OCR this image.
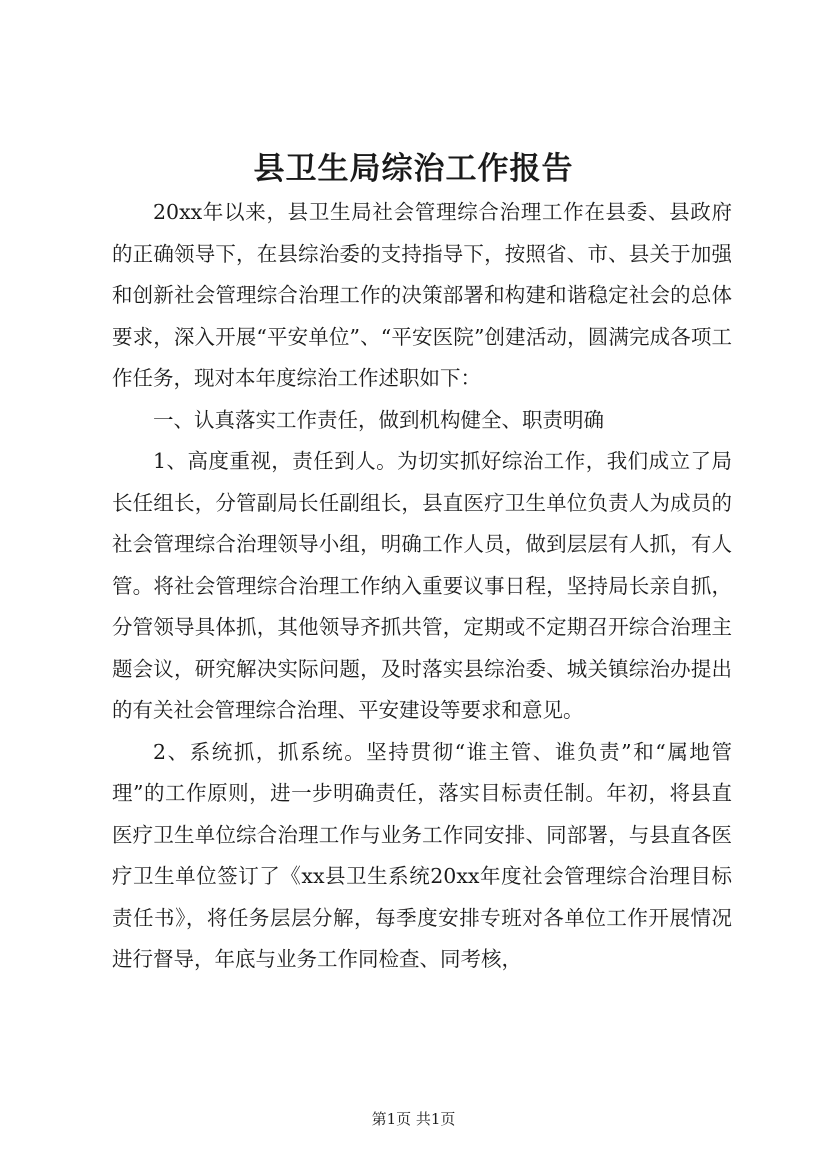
县卫生局综治工作报告

20xx年以来，县卫生局社会管理综合治理工作在县委、县政府的正确领导下，在县综治委的支持指导下，按照省、市、县关于加强和创新社会管理综合治理工作的决策部署和构建和谐稳定社会的总体要求，深入开展“平安单位”、“平安医院”创建活动，圆满完成各项工作任务，现对本年度综治工作述职如下：

一、认真落实工作责任，做到机构健全、职责明确

1、高度重视，责任到人。为切实抓好综治工作，我们成立了局长任组长，分管副局长任副组长，县直医疗卫生单位负责人为成员的社会管理综合治理领导小组，明确工作人员，做到层层有人抓，有人管。将社会管理综合治理工作纳入重要议事日程，坚持局长亲自抓，分管领导具体抓，其他领导齐抓共管，定期或不定期召开综合治理主题会议，研究解决实际问题，及时落实县综治委、城关镇综治办提出的有关社会管理综合治理、平安建设等要求和意见。

2、系统抓，抓系统。坚持贯彻“谁主管、谁负责”和“属地管理”的工作原则，进一步明确责任，落实目标责任制。年初，将县直医疗卫生单位综合治理工作与业务工作同安排、同部署，与县直各医疗卫生单位签订了《xx县卫生系统20xx年度社会管理综合治理目标责任书》，将任务层层分解，每季度安排专班对各单位工作开展情况进行督导，年底与业务工作同检查、同考核，

第1页 共1页
